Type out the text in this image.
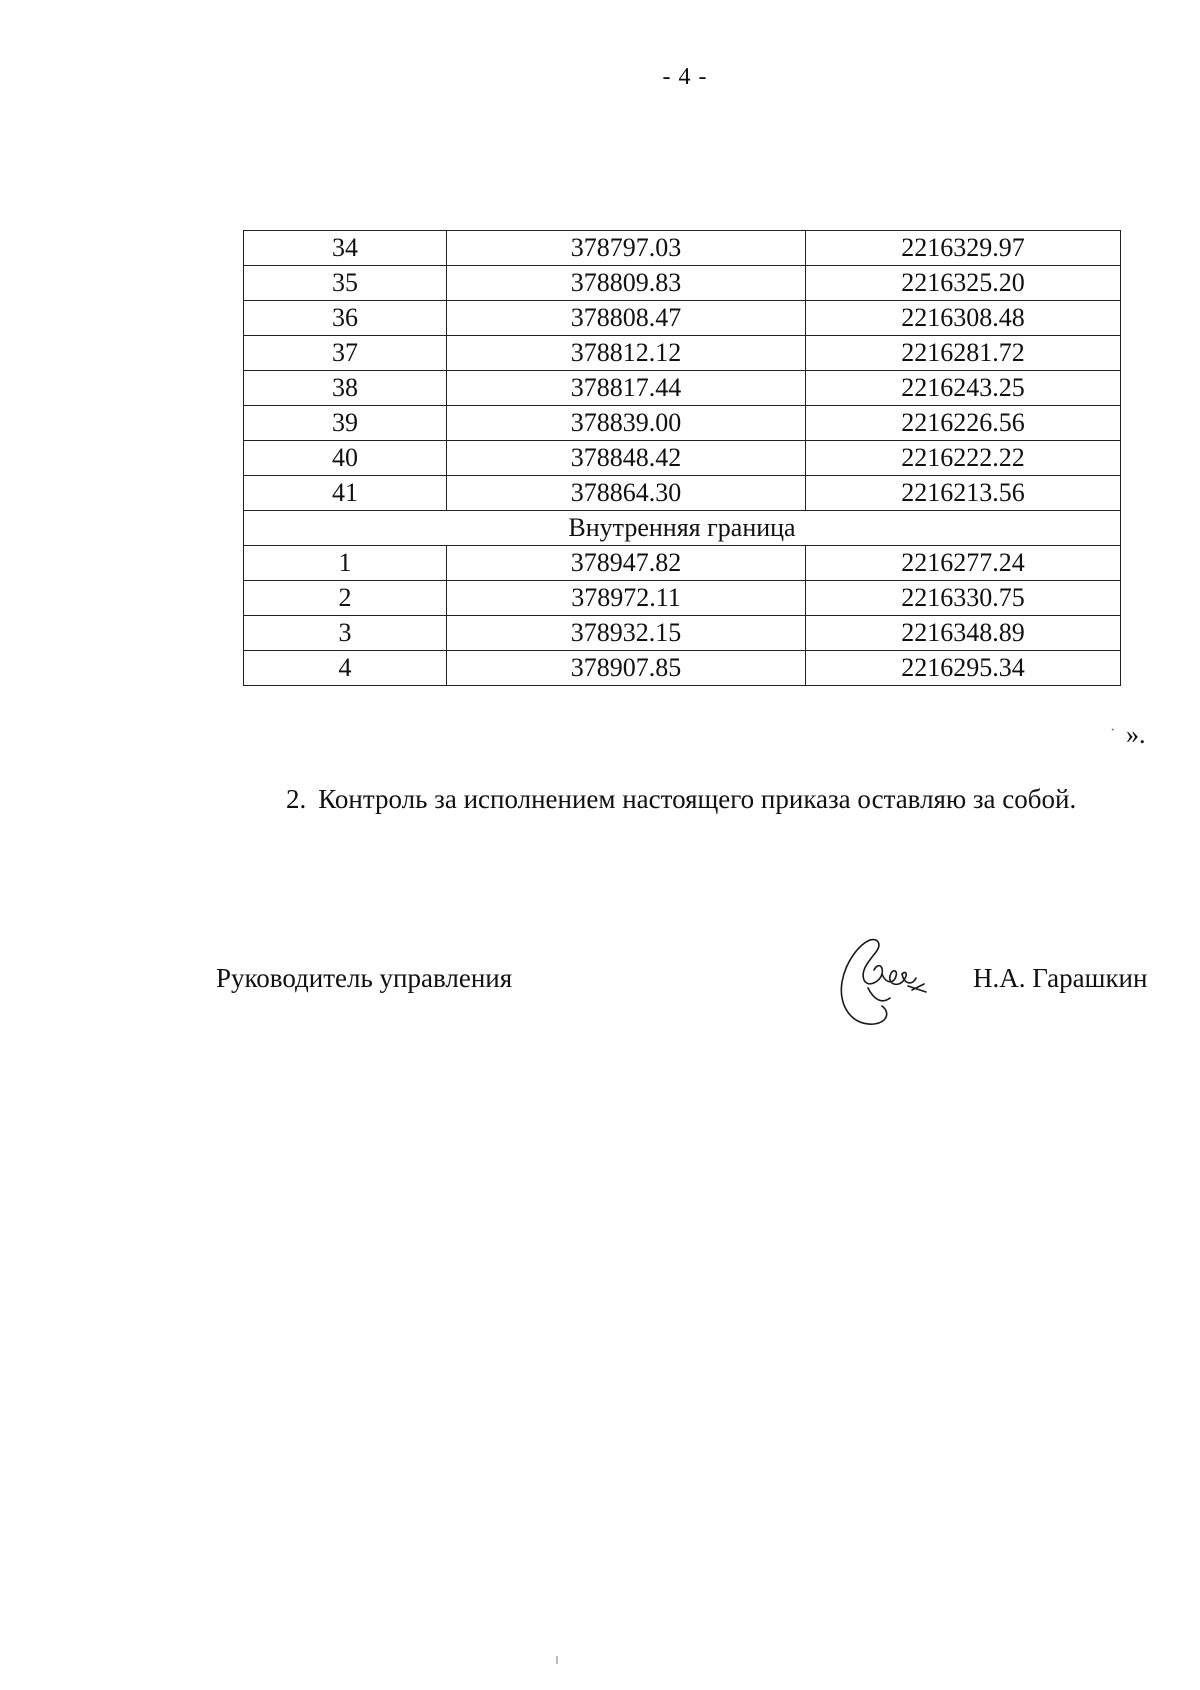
- 4 -
34	378797.03	2216329.97
35	378809.83	2216325.20
36	378808.47	2216308.48
37	378812.12	2216281.72
38	378817.44	2216243.25
39	378839.00	2216226.56
40	378848.42	2216222.22
41	378864.30	2216213.56
Внутренняя граница		
1	378947.82	2216277.24
2	378972.11	2216330.75
3	378932.15	2216348.89
4	378907.85	2216295.34
· ».
2. Контроль за исполнением настоящего приказа оставляю за собой.
Руководитель управления	Н.А. Гарашкин
